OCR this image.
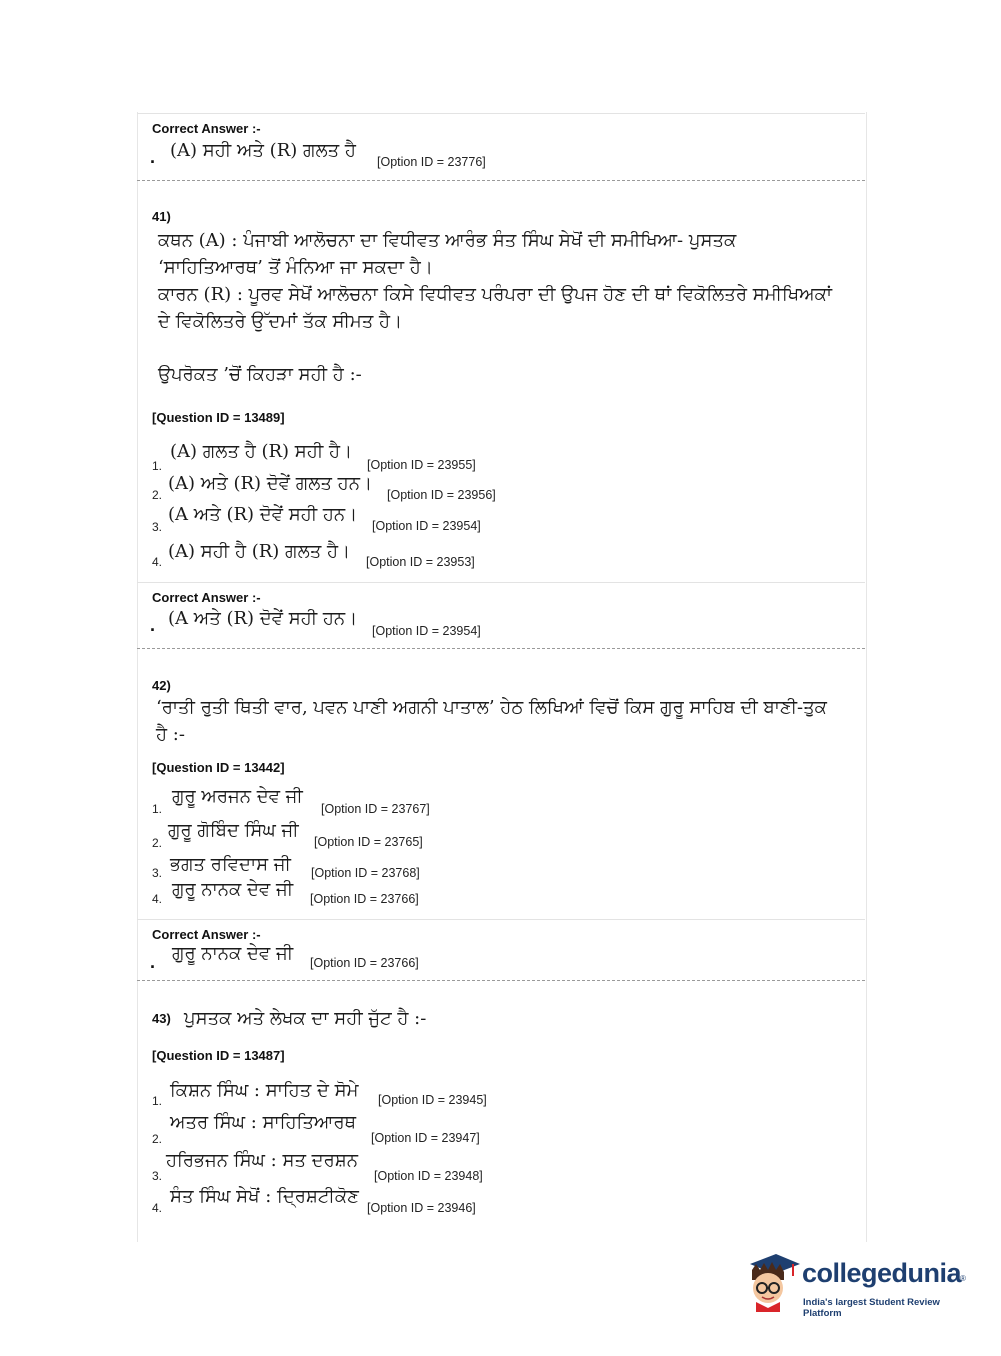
Correct Answer :-
. (A) ਸਹੀ ਅਤੇ (R) ਗਲਤ ਹੈ
[Option ID = 23776]
41)
ਕਥਨ (A) : ਪੰਜਾਬੀ ਆਲੋਚਨਾ ਦਾ ਵਿਧੀਵਤ ਆਰੰਭ ਸੰਤ ਸਿੰਘ ਸੇਖੋਂ ਦੀ ਸਮੀਖਿਆ- ਪੁਸਤਕ
‘ਸਾਹਿਤਿਆਰਥ’ ਤੋਂ ਮੰਨਿਆ ਜਾ ਸਕਦਾ ਹੈ।
ਕਾਰਨ (R) : ਪੂਰਵ ਸੇਖੋਂ ਆਲੋਚਨਾ ਕਿਸੇ ਵਿਧੀਵਤ ਪਰੰਪਰਾ ਦੀ ਉਪਜ ਹੋਣ ਦੀ ਥਾਂ ਵਿਕੋਲਿਤਰੇ ਸਮੀਖਿਅਕਾਂ
ਦੇ ਵਿਕੋਲਿਤਰੇ ਉੱਦਮਾਂ ਤੱਕ ਸੀਮਤ ਹੈ।
ਉਪਰੋਕਤ ’ਚੋਂ ਕਿਹੜਾ ਸਹੀ ਹੈ :-
[Question ID = 13489]
1.
(A) ਗਲਤ ਹੈ (R) ਸਹੀ ਹੈ।
[Option ID = 23955]
2.
(A) ਅਤੇ (R) ਦੋਵੇਂ ਗਲਤ ਹਨ।
[Option ID = 23956]
3.
(A ਅਤੇ (R) ਦੋਵੇਂ ਸਹੀ ਹਨ।
[Option ID = 23954]
4. (A) ਸਹੀ ਹੈ (R) ਗਲਤ ਹੈ। [Option ID = 23953]
Correct Answer :-
. (A ਅਤੇ (R) ਦੋਵੇਂ ਸਹੀ ਹਨ।
[Option ID = 23954]
42)
‘ਰਾਤੀ ਰੁਤੀ ਥਿਤੀ ਵਾਰ, ਪਵਨ ਪਾਣੀ ਅਗਨੀ ਪਾਤਾਲ’ ਹੇਠ ਲਿਖਿਆਂ ਵਿਚੋਂ ਕਿਸ ਗੁਰੂ ਸਾਹਿਬ ਦੀ ਬਾਣੀ-ਤੁਕ
ਹੈ :-
[Question ID = 13442]
1.
ਗੁਰੂ ਅਰਜਨ ਦੇਵ ਜੀ
[Option ID = 23767]
2.
ਗੁਰੂ ਗੋਬਿੰਦ ਸਿੰਘ ਜੀ
[Option ID = 23765]
3. ਭਗਤ ਰਵਿਦਾਸ ਜੀ [Option ID = 23768]
4. ਗੁਰੂ ਨਾਨਕ ਦੇਵ ਜੀ [Option ID = 23766]
Correct Answer :-
. ਗੁਰੂ ਨਾਨਕ ਦੇਵ ਜੀ [Option ID = 23766]
43) ਪੁਸਤਕ ਅਤੇ ਲੇਖਕ ਦਾ ਸਹੀ ਜੁੱਟ ਹੈ :-
[Question ID = 13487]
1. ਕਿਸ਼ਨ ਸਿੰਘ : ਸਾਹਿਤ ਦੇ ਸੋਮੇ [Option ID = 23945]
2.
ਅਤਰ ਸਿੰਘ : ਸਾਹਿਤਿਆਰਥ
[Option ID = 23947]
3.
ਹਰਿਭਜਨ ਸਿੰਘ : ਸਤ ਦਰਸ਼ਨ
[Option ID = 23948]
4.
ਸੰਤ ਸਿੰਘ ਸੇਖੋਂ : ਦ੍ਰਿਸ਼ਟੀਕੋਣ
[Option ID = 23946]
collegedunia
®
India's largest Student Review Platform
